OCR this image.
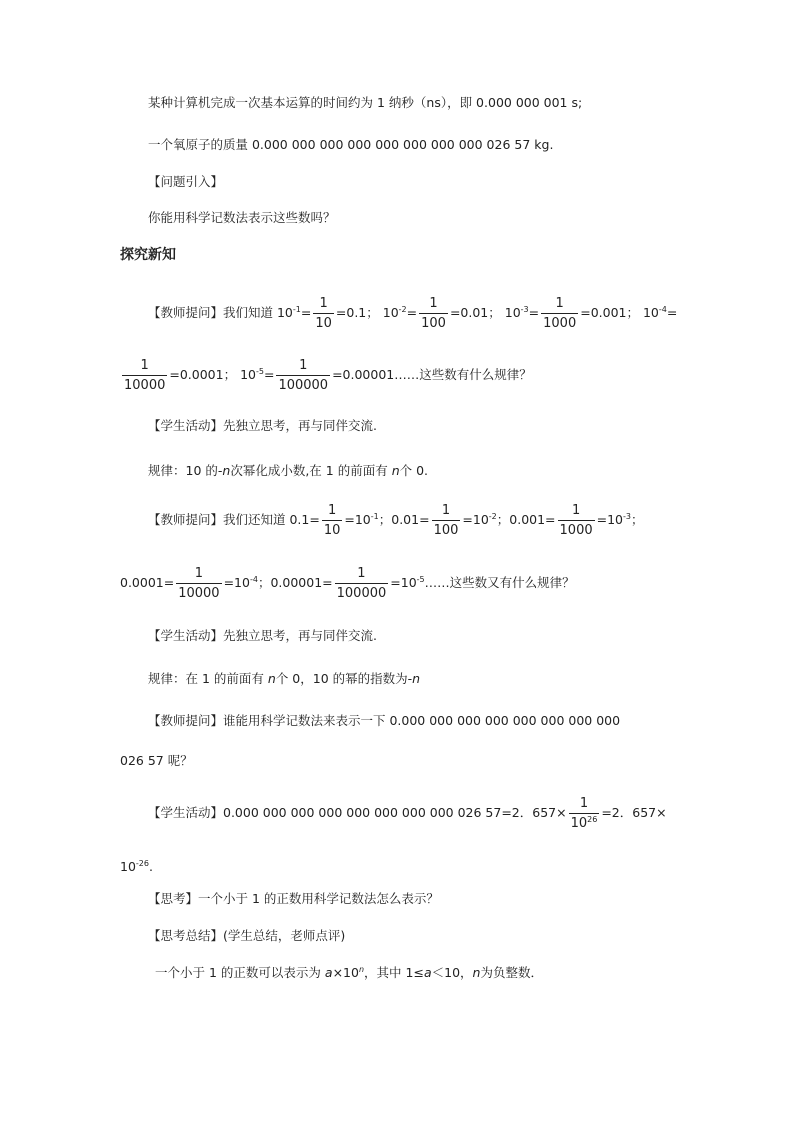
某种计算机完成一次基本运算的时间约为 1 纳秒（ns），即 0.000 000 001 s;
一个氧原子的质量 0.000 000 000 000 000 000 000 000 026 57 kg.
【问题引入】
你能用科学记数法表示这些数吗？
探究新知
【教师提问】我们知道 $10^{-1}= \frac{1}{10} =0.1$； $10^{-2}= \frac{1}{100} =0.01$； $10^{-3}= \frac{1}{1000} =0.001$； $10^{-4}=$
$\frac{1}{10000} =0.0001$； $10^{-5}= \frac{1}{100000}$ =0.00001……这些数有什么规律？
【学生活动】先独立思考，再与同伴交流.
规律：10 的-n次幂化成小数,在 1 的前面有 n个 0.
【教师提问】我们还知道 $0.1= \frac{1}{10} =10^{-1}$；$0.01= \frac{1}{100} =10^{-2}$；$0.001= \frac{1}{1000} =10^{-3}$；
$0.0001= \frac{1}{10000} =10^{-4}$；$0.00001= \frac{1}{100000}$ $=10^{-5}\dots\dots$这些数又有什么规律？
【学生活动】先独立思考，再与同伴交流.
规律：在 1 的前面有 n个 0，10 的幂的指数为-n
【教师提问】谁能用科学记数法来表示一下 0.000 000 000 000 000 000 000 000
026 57 呢？
【学生活动】0.000 000 000 000 000 000 000 000 026 57=2．$657\times \frac{1}{10^{26}} =2$．657×
$10^{-26}$.
【思考】一个小于 1 的正数用科学记数法怎么表示？
【思考总结】(学生总结，老师点评)
一个小于 1 的正数可以表示为 $a\times 10^n$，其中 1≤a＜10，n为负整数．
